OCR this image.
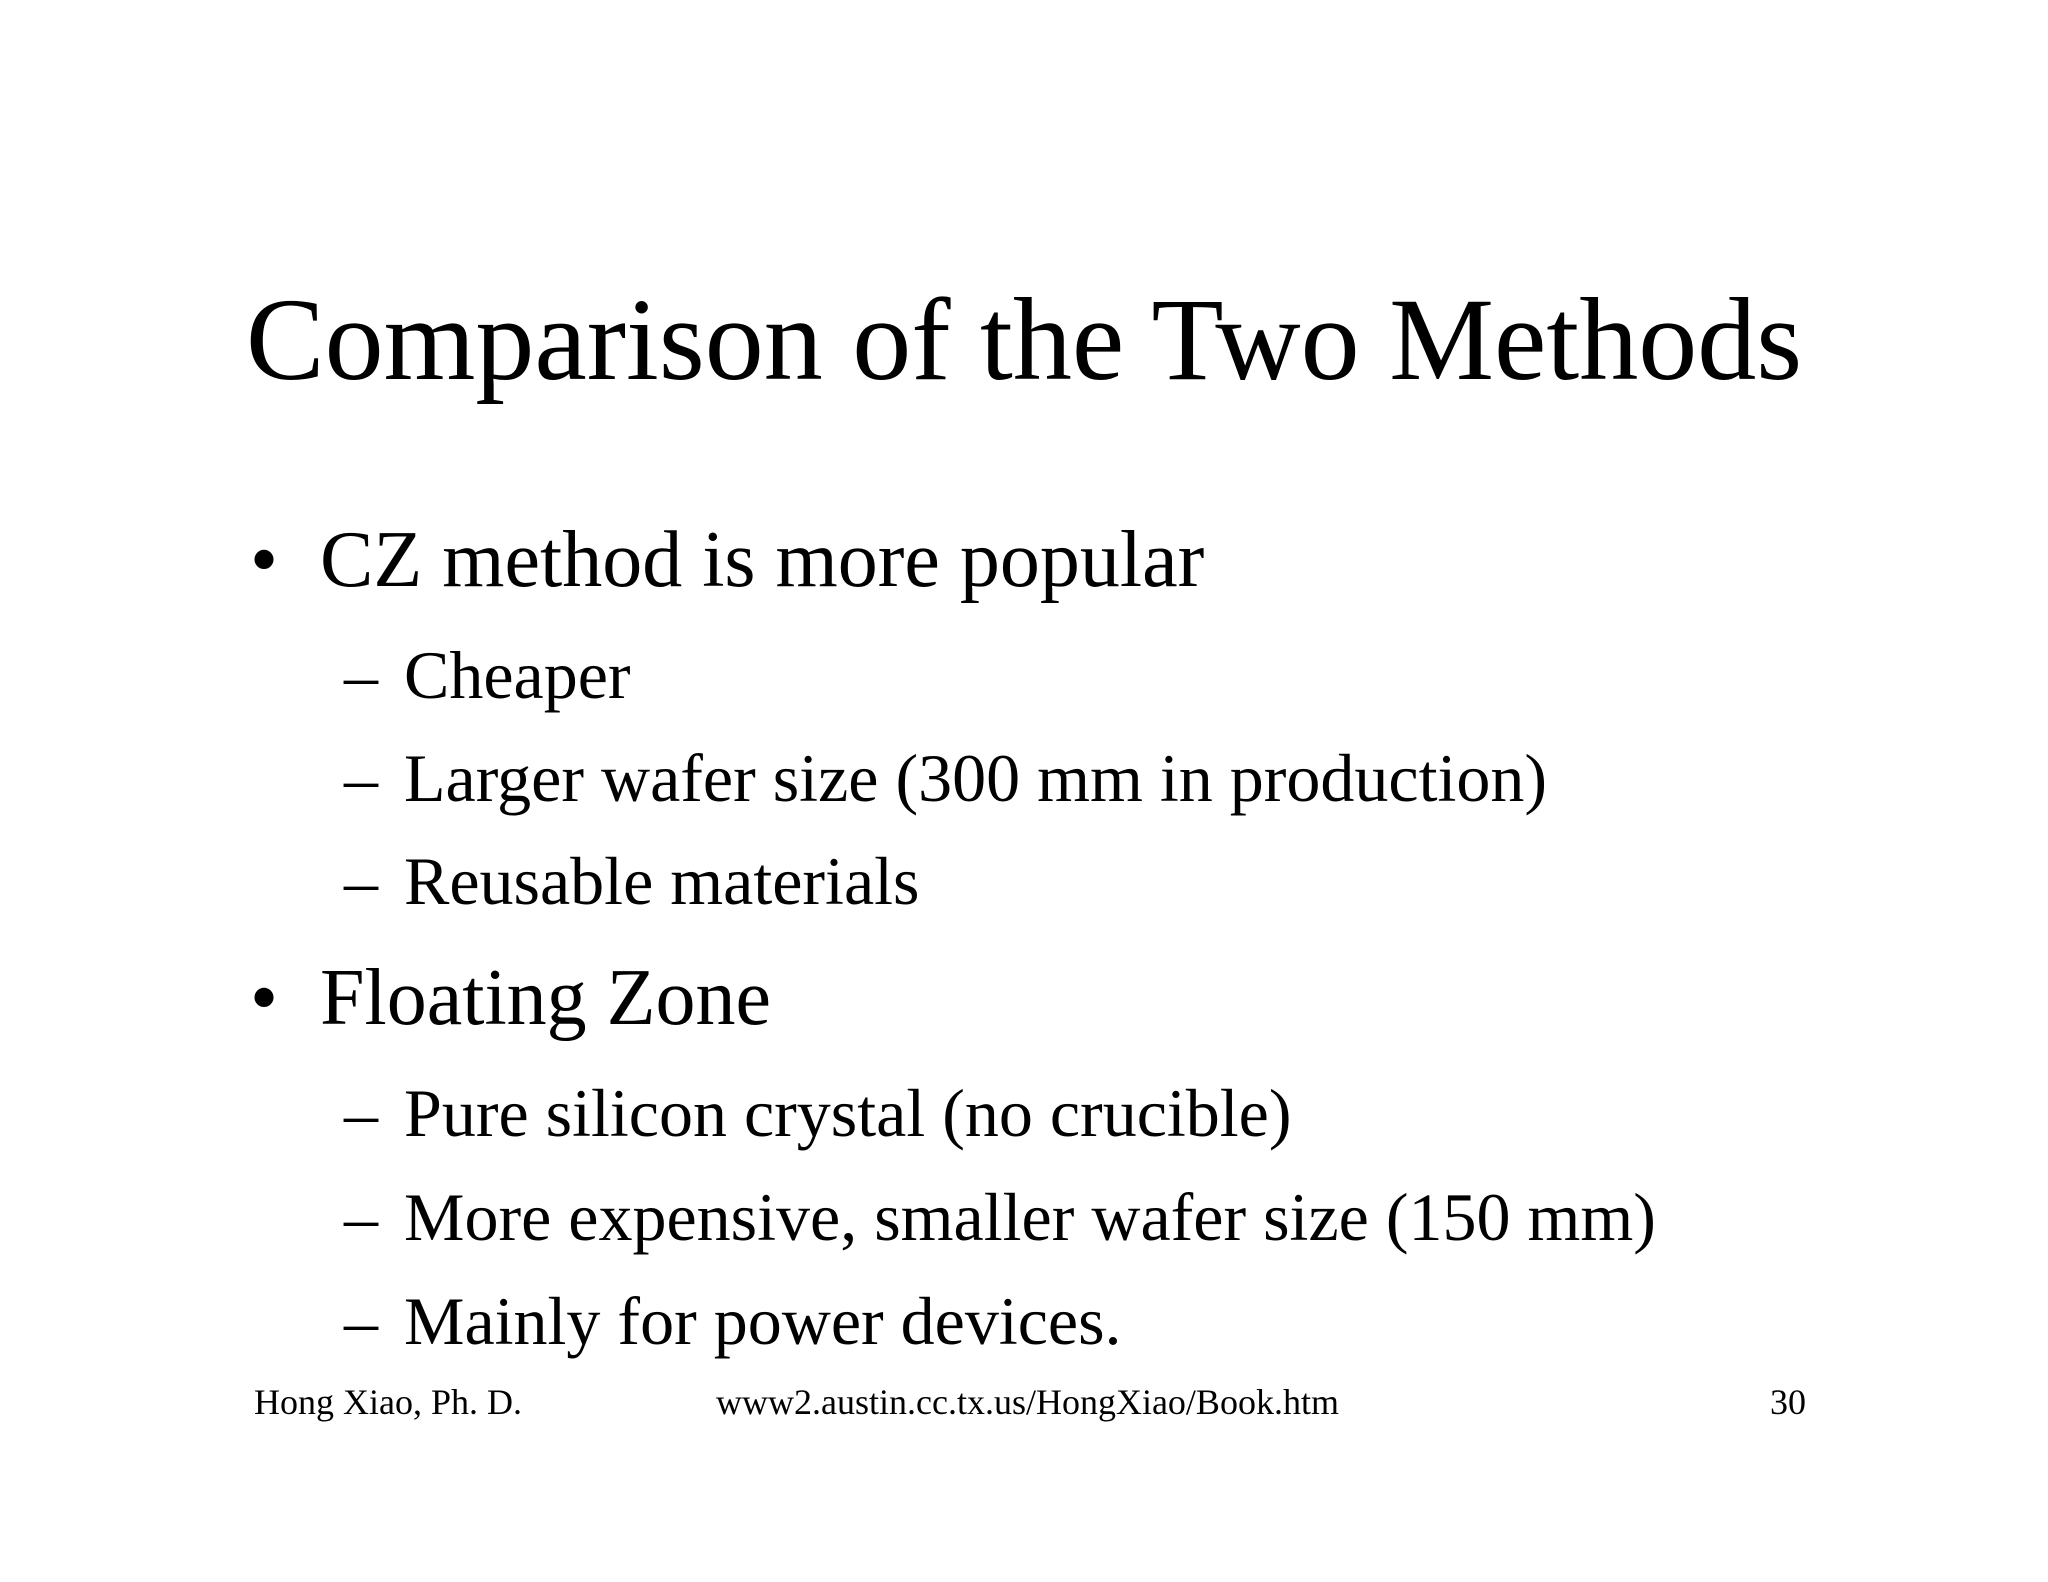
Comparison of the Two Methods
• CZ method is more popular
– Cheaper
– Larger wafer size (300 mm in production)
– Reusable materials
• Floating Zone
– Pure silicon crystal (no crucible)
– More expensive, smaller wafer size (150 mm)
– Mainly for power devices.
Hong Xiao, Ph. D.	www2.austin.cc.tx.us/HongXiao/Book.htm	30
